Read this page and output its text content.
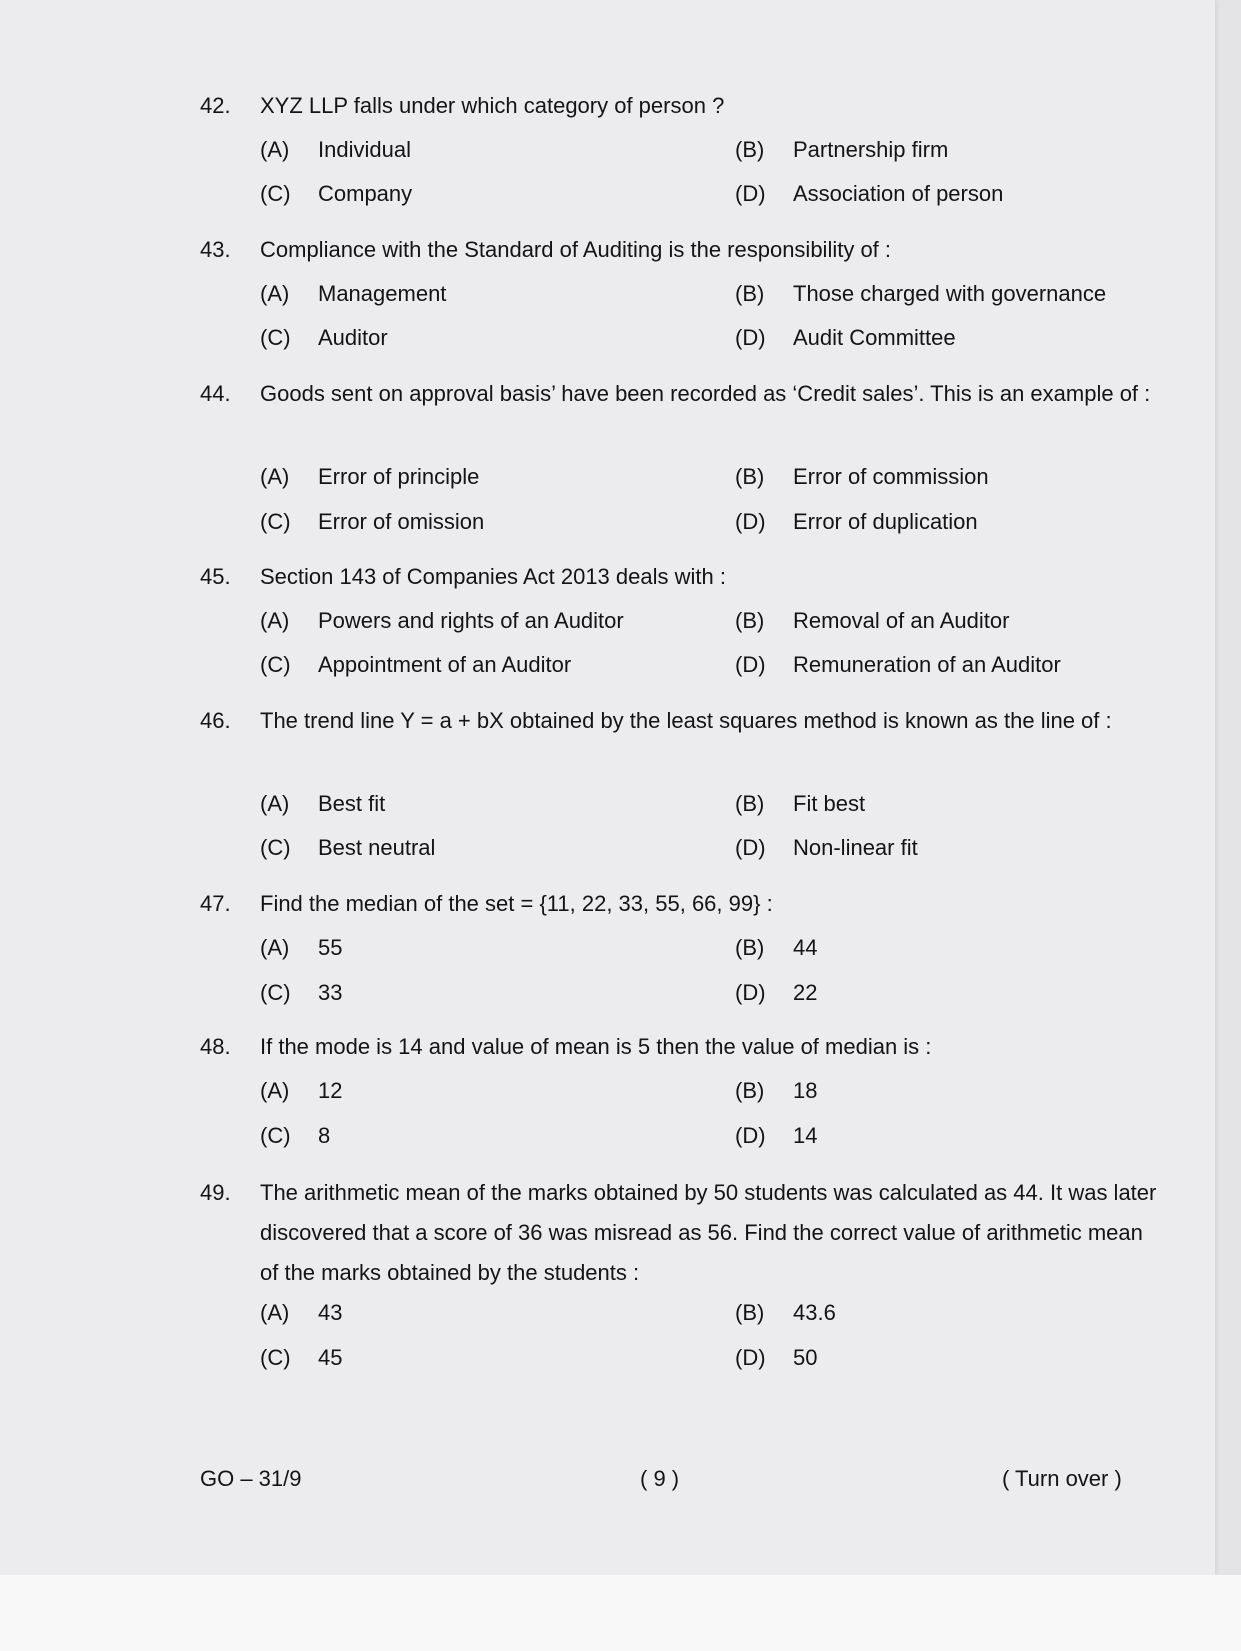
42. XYZ LLP falls under which category of person ?
(A) Individual	(B) Partnership firm
(C) Company	(D) Association of person
43. Compliance with the Standard of Auditing is the responsibility of :
(A) Management	(B) Those charged with governance
(C) Auditor	(D) Audit Committee
44. Goods sent on approval basis’ have been recorded as ‘Credit sales’. This is an example of :
(A) Error of principle	(B) Error of commission
(C) Error of omission	(D) Error of duplication
45. Section 143 of Companies Act 2013 deals with :
(A) Powers and rights of an Auditor	(B) Removal of an Auditor
(C) Appointment of an Auditor	(D) Remuneration of an Auditor
46. The trend line Y = a + bX obtained by the least squares method is known as the line of :
(A) Best fit	(B) Fit best
(C) Best neutral	(D) Non-linear fit
47. Find the median of the set = {11, 22, 33, 55, 66, 99} :
(A) 55	(B) 44
(C) 33	(D) 22
48. If the mode is 14 and value of mean is 5 then the value of median is :
(A) 12	(B) 18
(C) 8	(D) 14
49. The arithmetic mean of the marks obtained by 50 students was calculated as 44. It was later discovered that a score of 36 was misread as 56. Find the correct value of arithmetic mean of the marks obtained by the students :
(A) 43	(B) 43.6
(C) 45	(D) 50
GO – 31/9	( 9 )	( Turn over )
